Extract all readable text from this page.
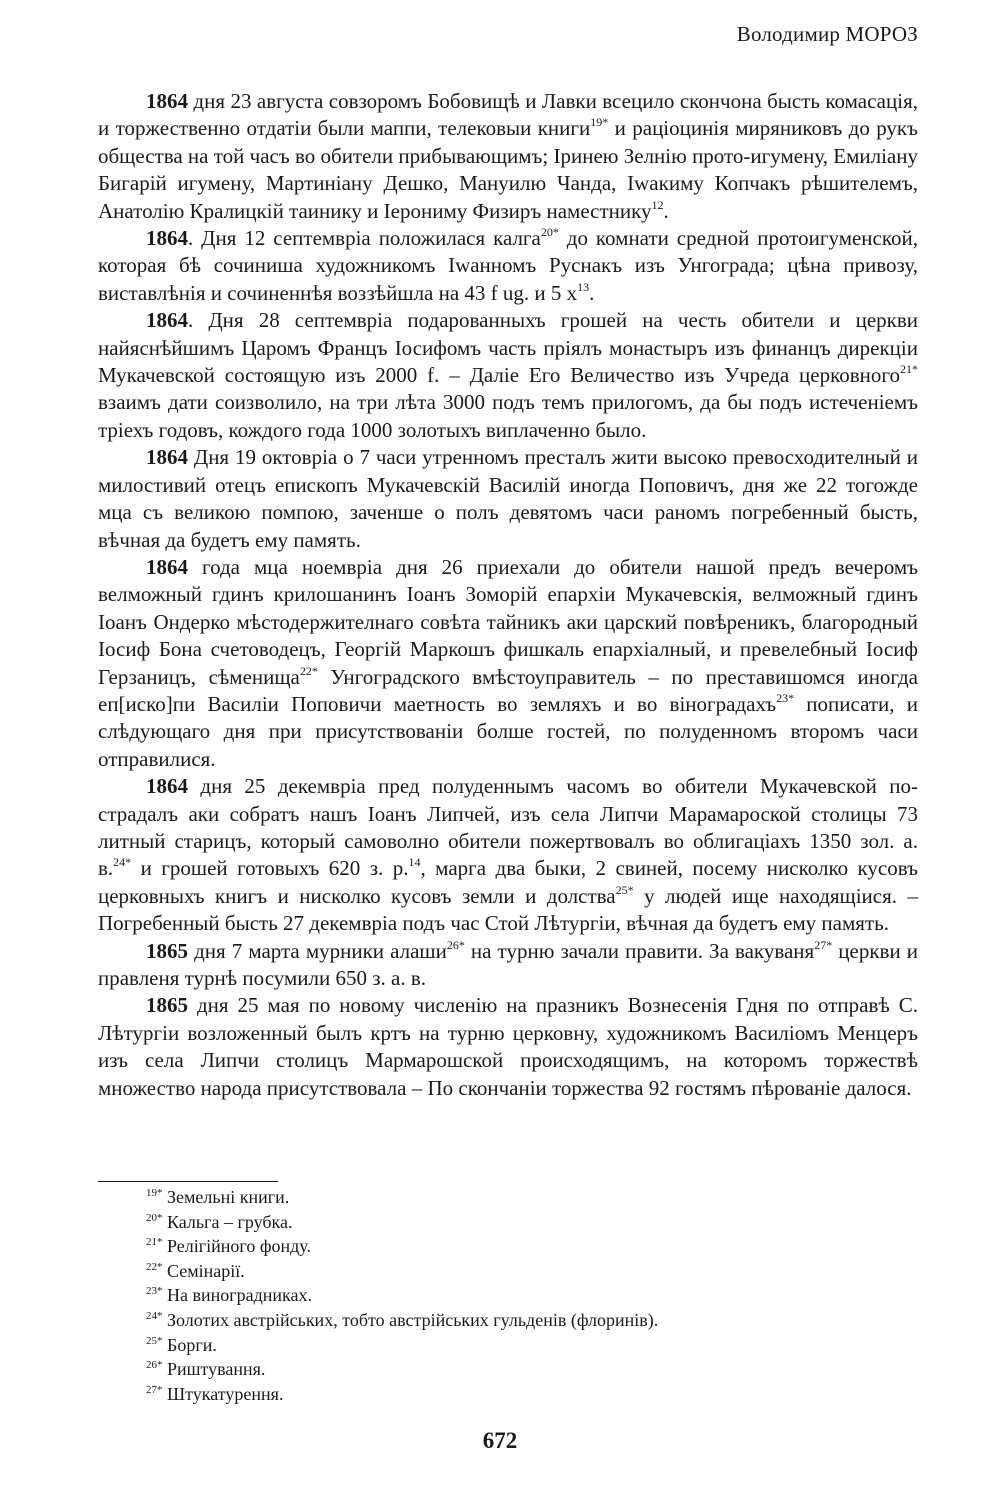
Володимир МОРОЗ

1864 дня 23 августа совзоромъ Бобовищѣ и Лавки всецило скончона бысть комасація, и торжественно отдатіи были маппи, телековыи книги$^{19*}$ и раціоцинія миряниковъ до рукъ общества на той часъ во обители прибывающимъ; Іринею Зелнію прото-игумену, Емиліану Бигарій игумену, Мартиніану Дешко, Мануилю Чанда, Іwакиму Копчакъ рѣшителемъ, Анатолію Кралицкій таинику и Іерониму Физиръ наместнику$^{12}$.

1864. Дня 12 септемвріа положилася калга$^{20*}$ до комнати средной протоигуменской, которая бѣ сочиниша художникомъ Іwанномъ Руснакъ изъ Унгограда; цѣна привозу, виставлѣнія и сочиненнѣя воззѣйшла на 43 f ug. и 5 $x^{13}$.

1864. Дня 28 септемвріа подарованныхъ грошей на честь обители и церкви найяснѣйшимъ Царомъ Францъ Іосифомъ часть пріялъ монастыръ изъ финанцъ дирекціи Мукачевской состоящую изъ 2000 f. – Даліе Его Величество изъ Учреда церковного$^{21*}$ взаимъ дати соизволило, на три лѣта 3000 подъ темъ прилогомъ, да бы подъ истеченіемъ тріехъ годовъ, кождого года 1000 золотыхъ виплаченно было.

1864 Дня 19 октовріа о 7 часи утренномъ престалъ жити высоко превосходителный и милостивий отецъ епископъ Мукачевскій Василій иногда Поповичъ, дня же 22 тогожде мца съ великою помпою, заченше о полъ девятомъ часи раномъ погребенный бысть, вѣчная да будетъ ему память.

1864 года мца ноемвріа дня 26 приехали до обители нашой предъ вечеромъ велможный гдинъ крилошанинъ Іоанъ Зоморій епархіи Мукачевскія, велможный гдинъ Іоанъ Ондерко мѣстодержителнаго совѣта тайникъ аки царский повѣреникъ, благородный Іосиф Бона счетоводецъ, Георгій Маркошъ фишкаль епархіалный, и превелебный Іосиф Герзаницъ, сѣменища$^{22*}$ Унгоградского вмѣстоуправитель – по преставишомся иногда еп[иско]пи Василіи Поповичи маетность во земляхъ и во віноградахъ$^{23*}$ пописати, и слѣдующаго дня при присутствованіи болше гостей, по полуденномъ второмъ часи отправилися.

1864 дня 25 декемвріа пред полуденнымъ часомъ во обители Мукачевской пострадалъ аки собратъ нашъ Іоанъ Липчей, изъ села Липчи Марамароской столицы 73 литный старицъ, который самоволно обители пожертвовалъ во облигаціахъ 1350 зол. а. в.$^{24*}$ и грошей готовыхъ 620 з. р.$^{14}$, марга два быки, 2 свиней, посему нисколко кусовъ церковныхъ книгъ и нисколко кусовъ земли и долства$^{25*}$ у людей ище находящіися. – Погребенный бысть 27 декемвріа подъ час Стой Лѣтургіи, вѣчная да будетъ ему память.

1865 дня 7 марта мурники алаши$^{26*}$ на турню зачали правити. За вакуваня$^{27*}$ церкви и правленя турнѣ посумили 650 з. а. в.

1865 дня 25 мая по новому численію на празникъ Вознесенія Гдня по отправѣ С. Лѣтургіи возложенный былъ кртъ на турню церковну, художникомъ Василіомъ Менцеръ изъ села Липчи столицъ Мармарошской происходящимъ, на которомъ торжествѣ множество народа присутствовала – По скончаніи торжества 92 гостямъ пѣрованіе далося.

$^{19*}$ Земельні книги.
$^{20*}$ Кальга – грубка.
$^{21*}$ Релігійного фонду.
$^{22*}$ Семінарії.
$^{23*}$ На виноградниках.
$^{24*}$ Золотих австрійських, тобто австрійських гульденів (флоринів).
$^{25*}$ Борги.
$^{26*}$ Риштування.
$^{27*}$ Штукатурення.
672
